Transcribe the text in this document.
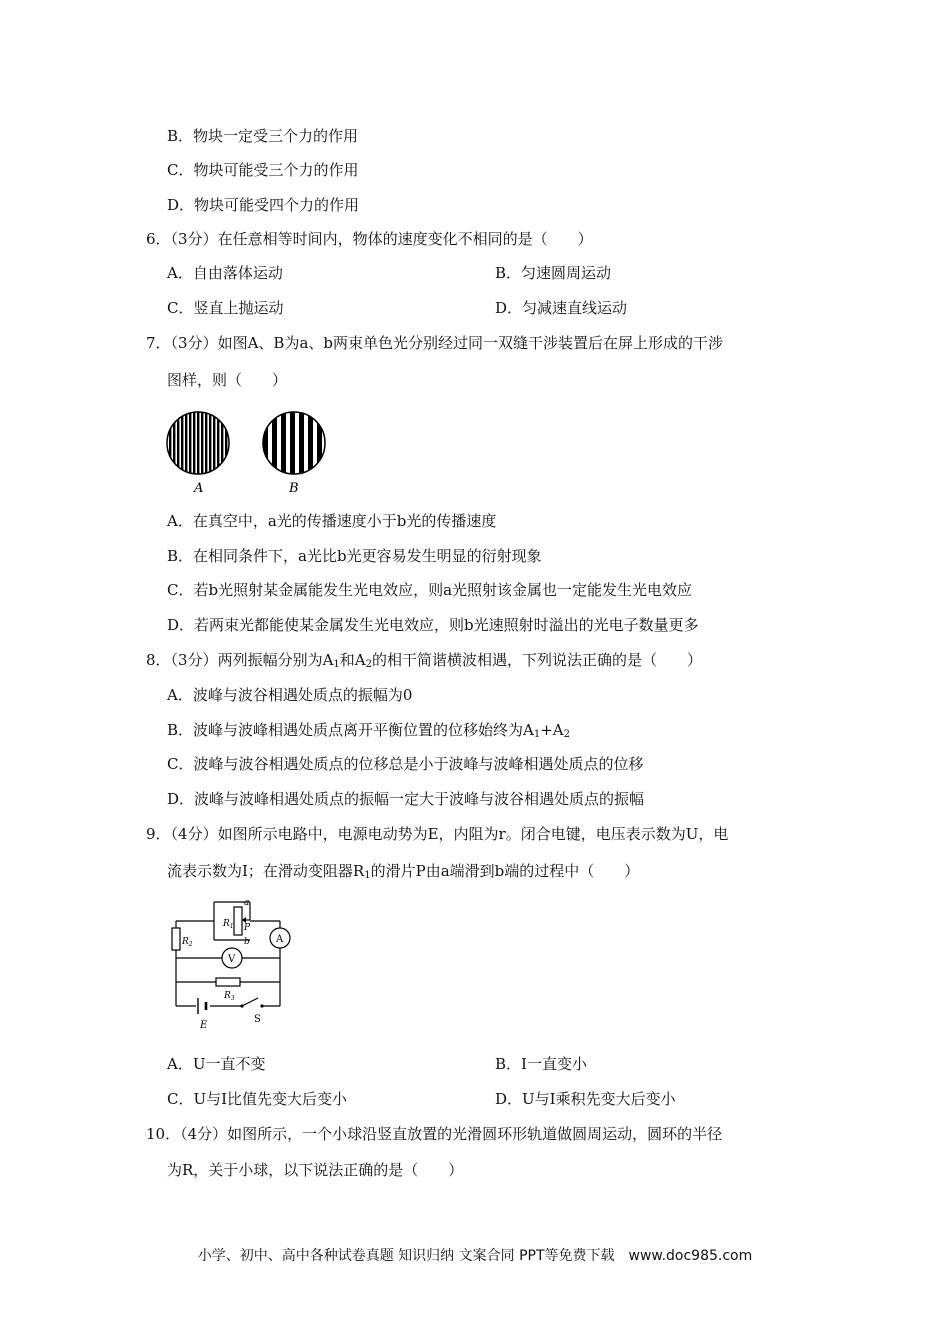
B．物块一定受三个力的作用
C．物块可能受三个力的作用
D．物块可能受四个力的作用
6．（3分）在任意相等时间内，物体的速度变化不相同的是（　　）
A．自由落体运动	B．匀速圆周运动
C．竖直上抛运动	D．匀减速直线运动
7．（3分）如图A、B为a、b两束单色光分别经过同一双缝干涉装置后在屏上形成的干涉
图样，则（　　）
A	B
A．在真空中，a光的传播速度小于b光的传播速度
B．在相同条件下，a光比b光更容易发生明显的衍射现象
C．若b光照射某金属能发生光电效应，则a光照射该金属也一定能发生光电效应
D．若两束光都能使某金属发生光电效应，则b光速照射时溢出的光电子数量更多
8．（3分）两列振幅分别为$A_1$和$A_2$的相干简谐横波相遇，下列说法正确的是（　　）
A．波峰与波谷相遇处质点的振幅为0
B．波峰与波峰相遇处质点离开平衡位置的位移始终为$A_1+A_2$
C．波峰与波谷相遇处质点的位移总是小于波峰与波峰相遇处质点的位移
D．波峰与波峰相遇处质点的振幅一定大于波峰与波谷相遇处质点的振幅
9．（4分）如图所示电路中，电源电动势为E，内阻为r。闭合电键，电压表示数为U，电
流表示数为I；在滑动变阻器$R_1$的滑片P由a端滑到b端的过程中（　　）
$R_1$
a
P
b	A
V
$R_2$
$R_3$
E
S
A．U一直不变	B．I一直变小
C．U与I比值先变大后变小	D．U与I乘积先变大后变小
10．（4分）如图所示，一个小球沿竖直放置的光滑圆环形轨道做圆周运动，圆环的半径
为R，关于小球，以下说法正确的是（　　）
小学、初中、高中各种试卷真题 知识归纳 文案合同 PPT等免费下载　www.doc985.com
